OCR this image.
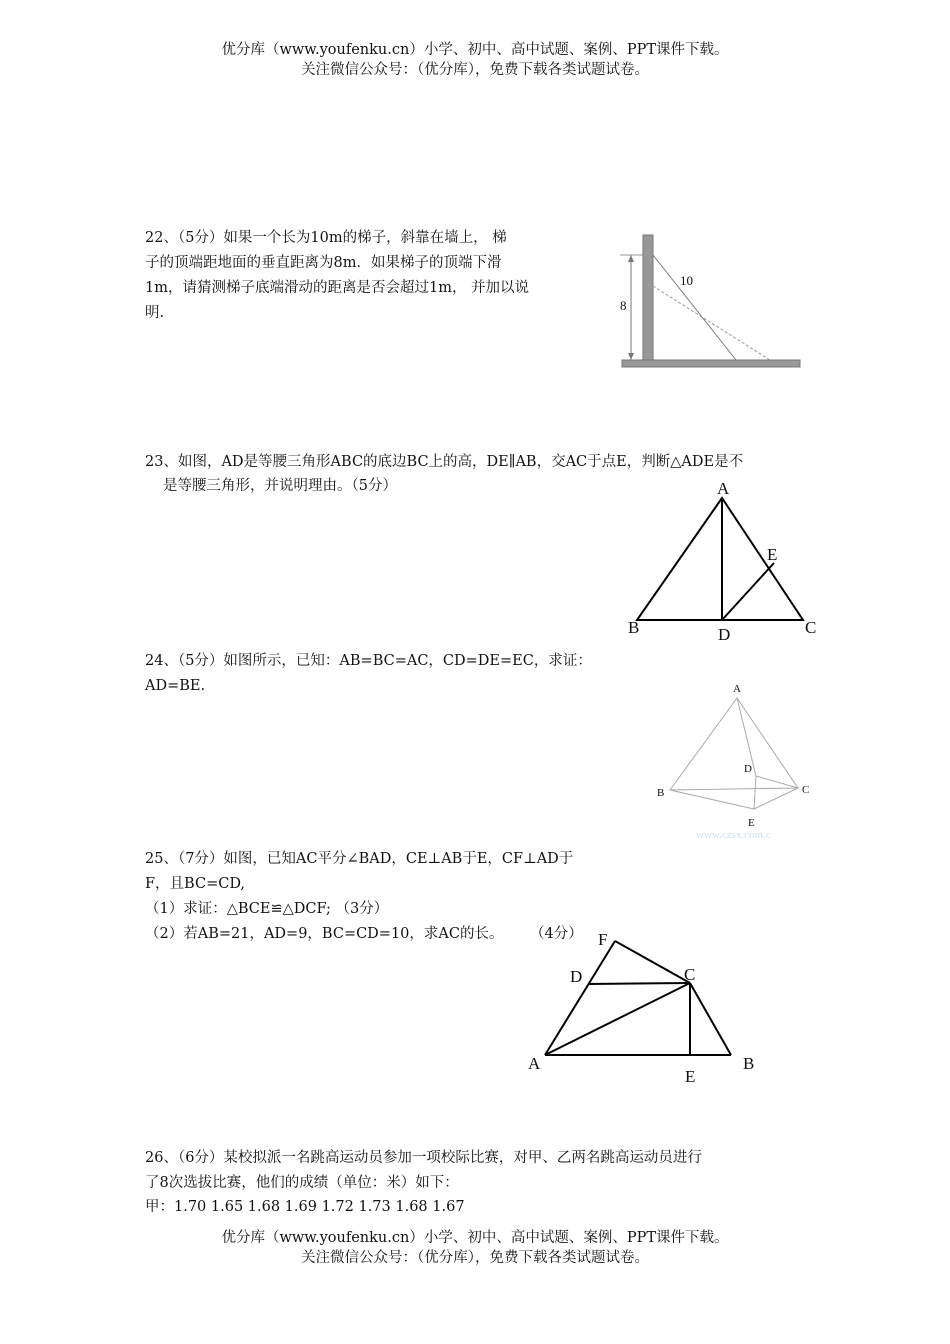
优分库（www.youfenku.cn）小学、初中、高中试题、案例、PPT课件下载。
关注微信公众号：（优分库），免费下载各类试题试卷。
22、（5分）如果一个长为10m的梯子，斜靠在墙上， 梯
子的顶端距地面的垂直距离为8m．如果梯子的顶端下滑
1m，请猜测梯子底端滑动的距离是否会超过1m， 并加以说
明.
10
8
23、如图，AD是等腰三角形ABC的底边BC上的高，DE∥AB，交AC于点E，判断△ADE是不
是等腰三角形，并说明理由。（5分）	A
B	C
D
E
24、（5分）如图所示，已知：AB=BC=AC，CD=DE=EC，求证：
AD=BE.	A
B	C
D
E
www.czsx.com.c
25、（7分）如图，已知AC平分∠BAD，CE⊥AB于E，CF⊥AD于
F，且BC=CD,
（1）求证：△BCE≌△DCF; （3分）
（2）若AB=21，AD=9，BC=CD=10，求AC的长。 （4分）
A	B
C
D
E
F
26、（6分）某校拟派一名跳高运动员参加一项校际比赛，对甲、乙两名跳高运动员进行
了8次选拔比赛，他们的成绩（单位：米）如下：
甲：1.70 1.65 1.68 1.69 1.72 1.73 1.68 1.67
优分库（www.youfenku.cn）小学、初中、高中试题、案例、PPT课件下载。
关注微信公众号：（优分库），免费下载各类试题试卷。
